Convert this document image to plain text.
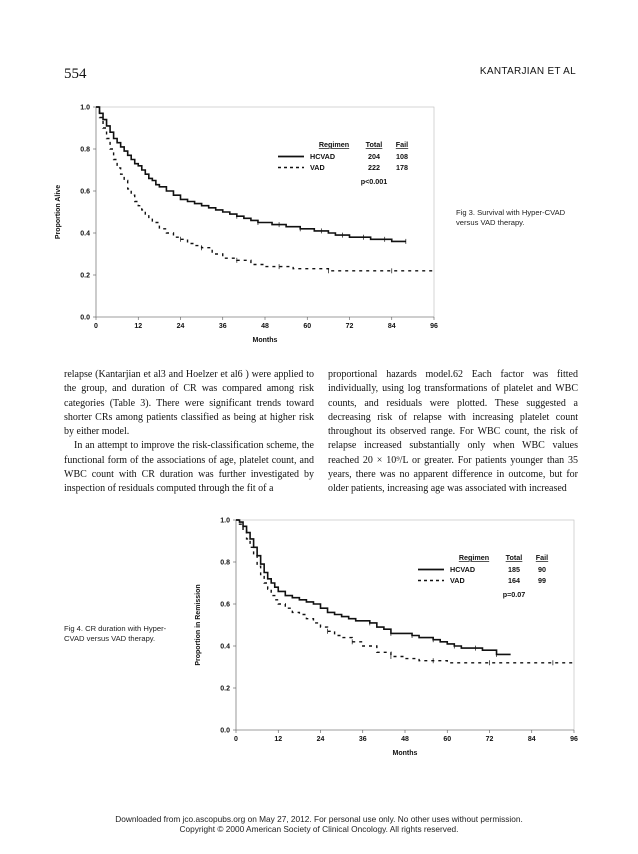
554	KANTARJIAN ET AL
0	12	24	36	48	60	72	84	96
0.0
0.2
0.4
0.6
0.8
1.0
Months
Proportion Alive
Regimen Total Fail
HCVAD	204 108
VAD	222 178
p<0.001
Fig 3. Survival with Hyper-CVAD versus VAD therapy.

relapse (Kantarjian et al3 and Hoelzer et al6 ) were applied to the group, and duration of CR was compared among risk categories (Table 3). There were significant trends toward shorter CRs among patients classified as being at higher risk by either model.

In an attempt to improve the risk-classification scheme, the functional form of the associations of age, platelet count, and WBC count with CR duration was further investigated by inspection of residuals computed through the fit of a

proportional hazards model.62 Each factor was fitted individually, using log transformations of platelet and WBC counts, and residuals were plotted. These suggested a decreasing risk of relapse with increasing platelet count throughout its observed range. For WBC count, the risk of relapse increased substantially only when WBC values reached 20 × 10⁹/L or greater. For patients younger than 35 years, there was no apparent difference in outcome, but for older patients, increasing age was associated with increased

0	12	24	36	48	60	72	84	96
0.0
0.2
0.4
0.6
0.8
1.0
Months
Proportion in Remission
Regimen Total Fail
HCVAD	185	90
VAD	164	99
p=0.07
Fig 4. CR duration with Hyper-CVAD versus VAD therapy.
Downloaded from jco.ascopubs.org on May 27, 2012. For personal use only. No other uses without permission.
Copyright © 2000 American Society of Clinical Oncology. All rights reserved.
